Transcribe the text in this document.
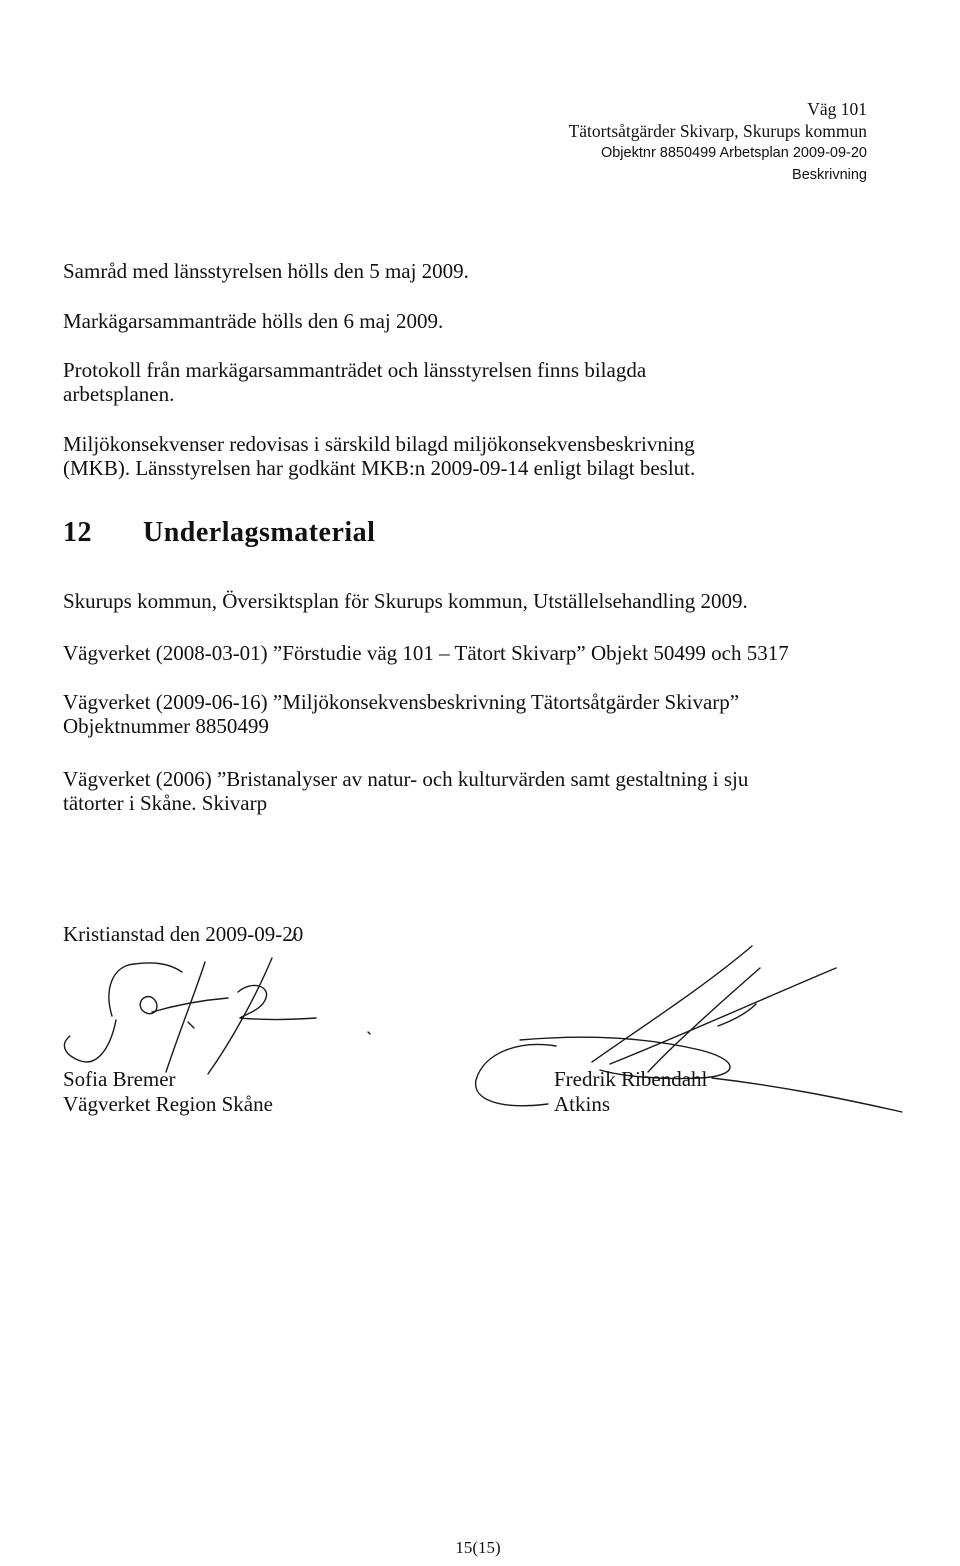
Väg 101
Tätortsåtgärder Skivarp, Skurups kommun
Objektnr 8850499 Arbetsplan 2009-09-20
Beskrivning

Samråd med länsstyrelsen hölls den 5 maj 2009.

Markägarsammanträde hölls den 6 maj 2009.

Protokoll från markägarsammanträdet och länsstyrelsen finns bilagda
arbetsplanen.

Miljökonsekvenser redovisas i särskild bilagd miljökonsekvensbeskrivning
(MKB). Länsstyrelsen har godkänt MKB:n 2009-09-14 enligt bilagt beslut.

12 Underlagsmaterial

Skurups kommun, Översiktsplan för Skurups kommun, Utställelsehandling 2009.

Vägverket (2008-03-01) ”Förstudie väg 101 – Tätort Skivarp” Objekt 50499 och 5317

Vägverket (2009-06-16) ”Miljökonsekvensbeskrivning Tätortsåtgärder Skivarp”
Objektnummer 8850499

Vägverket (2006) ”Bristanalyser av natur- och kulturvärden samt gestaltning i sju
tätorter i Skåne. Skivarp

Kristianstad den 2009-09-20
Sofia Bremer
Vägverket Region Skåne
Fredrik Ribendahl
Atkins
15(15)
